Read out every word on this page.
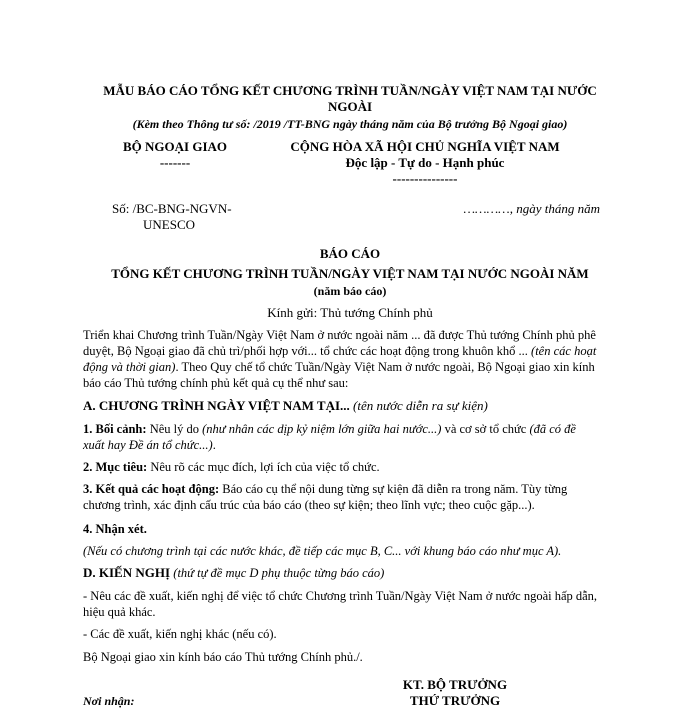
MẪU BÁO CÁO TỔNG KẾT CHƯƠNG TRÌNH TUẦN/NGÀY VIỆT NAM TẠI NƯỚC
NGOÀI
(Kèm theo Thông tư số: /2019 /TT-BNG ngày tháng năm của Bộ trưởng Bộ Ngoại giao)
BỘ NGOẠI GIAO
-------
CỘNG HÒA XÃ HỘI CHỦ NGHĨA VIỆT NAM
Độc lập - Tự do - Hạnh phúc
---------------
Số: /BC-BNG-NGVN-
UNESCO
…………, ngày tháng năm
BÁO CÁO
TỔNG KẾT CHƯƠNG TRÌNH TUẦN/NGÀY VIỆT NAM TẠI NƯỚC NGOÀI NĂM
(năm báo cáo)
Kính gửi: Thủ tướng Chính phủ
Triển khai Chương trình Tuần/Ngày Việt Nam ở nước ngoài năm ... đã được Thủ tướng Chính phủ phê duyệt, Bộ Ngoại giao đã chủ trì/phối hợp với... tổ chức các hoạt động trong khuôn khổ ... (tên các hoạt động và thời gian). Theo Quy chế tổ chức Tuần/Ngày Việt Nam ở nước ngoài, Bộ Ngoại giao xin kính báo cáo Thủ tướng chính phủ kết quả cụ thể như sau:
A. CHƯƠNG TRÌNH NGÀY VIỆT NAM TẠI... (tên nước diễn ra sự kiện)
1. Bối cảnh: Nêu lý do (như nhân các dịp kỷ niệm lớn giữa hai nước...) và cơ sở tổ chức (đã có đề xuất hay Đề án tổ chức...).
2. Mục tiêu: Nêu rõ các mục đích, lợi ích của việc tổ chức.
3. Kết quả các hoạt động: Báo cáo cụ thể nội dung từng sự kiện đã diễn ra trong năm. Tùy từng chương trình, xác định cấu trúc của báo cáo (theo sự kiện; theo lĩnh vực; theo cuộc gặp...).
4. Nhận xét.
(Nếu có chương trình tại các nước khác, đề tiếp các mục B, C... với khung báo cáo như mục A).
D. KIẾN NGHỊ (thứ tự đề mục D phụ thuộc từng báo cáo)
- Nêu các đề xuất, kiến nghị để việc tổ chức Chương trình Tuần/Ngày Việt Nam ở nước ngoài hấp dẫn, hiệu quả khác.
- Các đề xuất, kiến nghị khác (nếu có).
Bộ Ngoại giao xin kính báo cáo Thủ tướng Chính phủ./.
KT. BỘ TRƯỞNG
THỨ TRƯỞNG
Nơi nhận:
